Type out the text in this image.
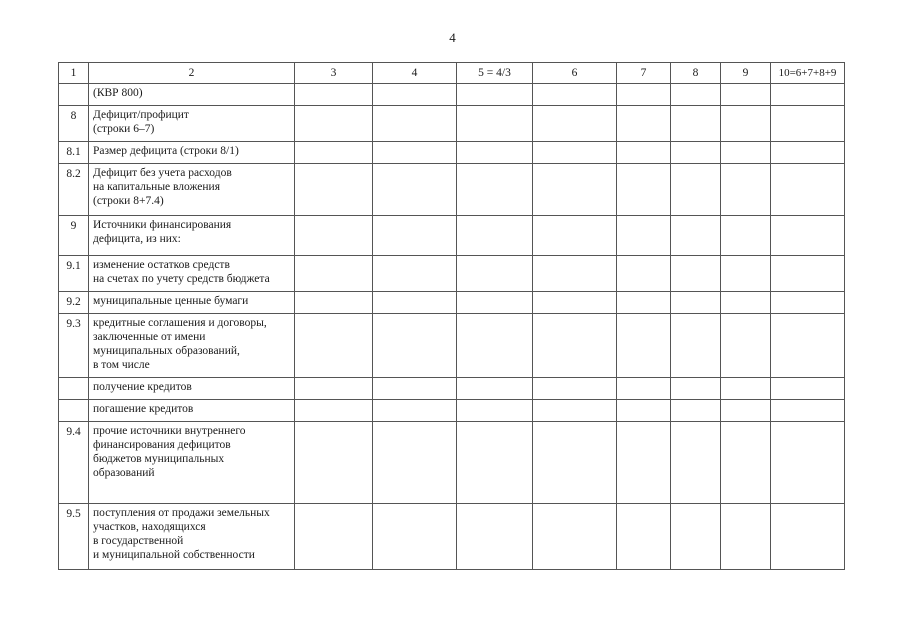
4
1	2	3	4	5 = 4/3	6	7	8	9	10=6+7+8+9

	(КВР 800)								

8	Дефицит/профицит
(строки 6–7)								

8.1	Размер дефицита (строки 8/1)								

8.2	Дефицит без учета расходов
на капитальные вложения
(строки 8+7.4)								

9	Источники финансирования
дефицита, из них:								

9.1	изменение остатков средств
на счетах по учету средств бюджета								

9.2	муниципальные ценные бумаги								

9.3	кредитные соглашения и договоры,
заключенные от имени
муниципальных образований,
в том числе								

	получение кредитов								

	погашение кредитов								

9.4	прочие источники внутреннего
финансирования дефицитов
бюджетов муниципальных
образований								

9.5	поступления от продажи земельных
участков, находящихся
в государственной
и муниципальной собственности								
